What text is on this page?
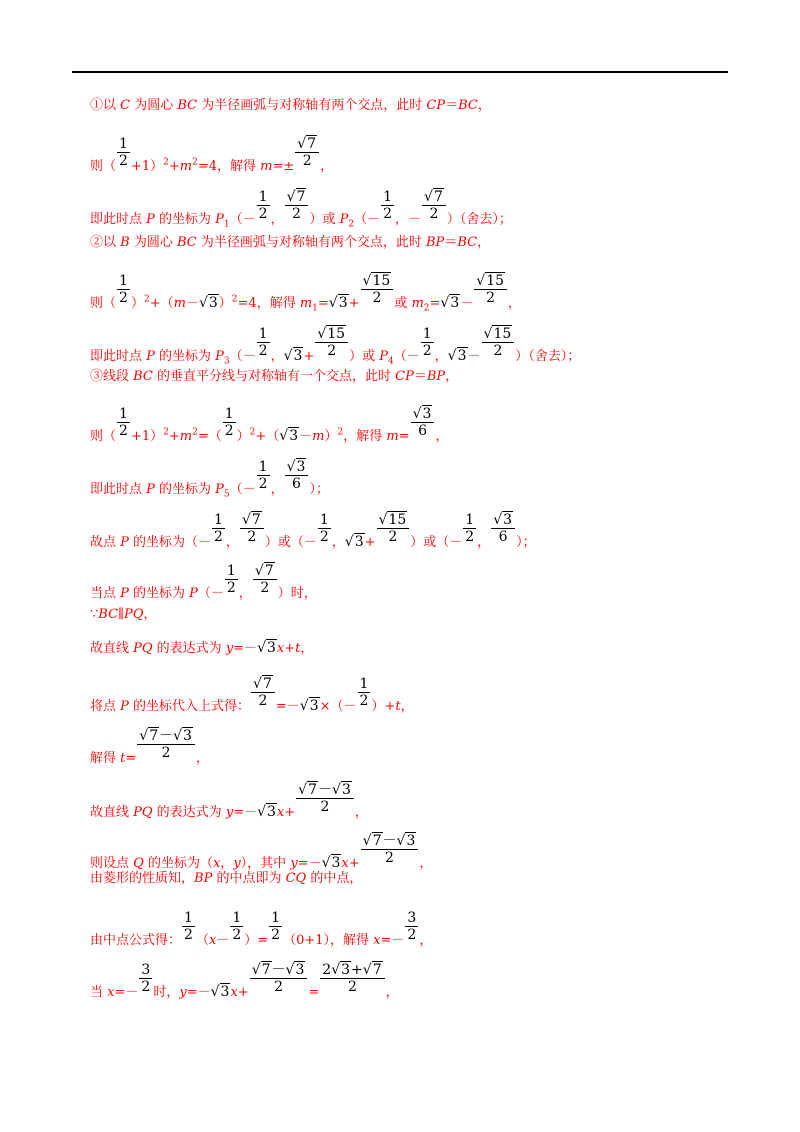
①以 C 为圆心 BC 为半径画弧与对称轴有两个交点，此时 CP＝BC，
则（ $\frac{1}{2} +1)^2+m^2=4$，解得 $m=\pm \frac{√7}{2}$ ，
即此时点 P 的坐标为 $P_1(- \frac{1}{2}$ ， $\frac{√7}{2}$ ）或 $P_2(- \frac{1}{2}$ ，－ $\frac{√7}{2}$ ）（舍去）；
②以 B 为圆心 BC 为半径画弧与对称轴有两个交点，此时 BP＝BC，
则（ $\frac{1}{2} )^2+(m-√3)^2=4$，解得 $m_1=√3+ \frac{√15}{2}$ 或 $m_2=√3- \frac{√15}{2}$ ，
即此时点 P 的坐标为 $P_3(- \frac{1}{2}$ ，$√3+ \frac{√15}{2}$ ）或 $P_4(- \frac{1}{2}$ ，$√3- \frac{√15}{2}$ ）（舍去）；
③线段 BC 的垂直平分线与对称轴有一个交点，此时 CP＝BP，
则（ $\frac{1}{2} +1)^2+m^2=( \frac{1}{2} )^2+(√3-m)^2$，解得 $m= \frac{√3}{6}$ ，
即此时点 P 的坐标为 $P_5(- \frac{1}{2}$ ， $\frac{√3}{6}$ ）；
故点 P 的坐标为（－ $\frac{1}{2}$ ， $\frac{√7}{2}$ ）或（－ $\frac{1}{2}$ ，$√3+ \frac{√15}{2}$ ）或（－ $\frac{1}{2}$ ， $\frac{√3}{6}$ ）；
当点 P 的坐标为 $P(- \frac{1}{2}$ ， $\frac{√7}{2}$ ）时，
∵BC∥PQ，
故直线 PQ 的表达式为 y=－√3x+t，
将点 P 的坐标代入上式得： $\frac{√7}{2} =-√3\times(- \frac{1}{2} )+t$，
解得 $t= \frac{√7-√3}{2}$ ，
故直线 PQ 的表达式为 $y=-√3x+ \frac{√7-√3}{2}$ ，
则设点 Q 的坐标为（x，y），其中 $y=-√3x+ \frac{√7-√3}{2}$ ，
由菱形的性质知，BP 的中点即为 CQ 的中点，
由中点公式得： $\frac{1}{2} (x- \frac{1}{2}$ ）= $\frac{1}{2} (0+1)$，解得 $x=- \frac{3}{2}$ ，
当 $x=- \frac{3}{2}$ 时，$y=-√3x+ \frac{√7-√3}{2} = \frac{2√3+√7}{2}$ ，
